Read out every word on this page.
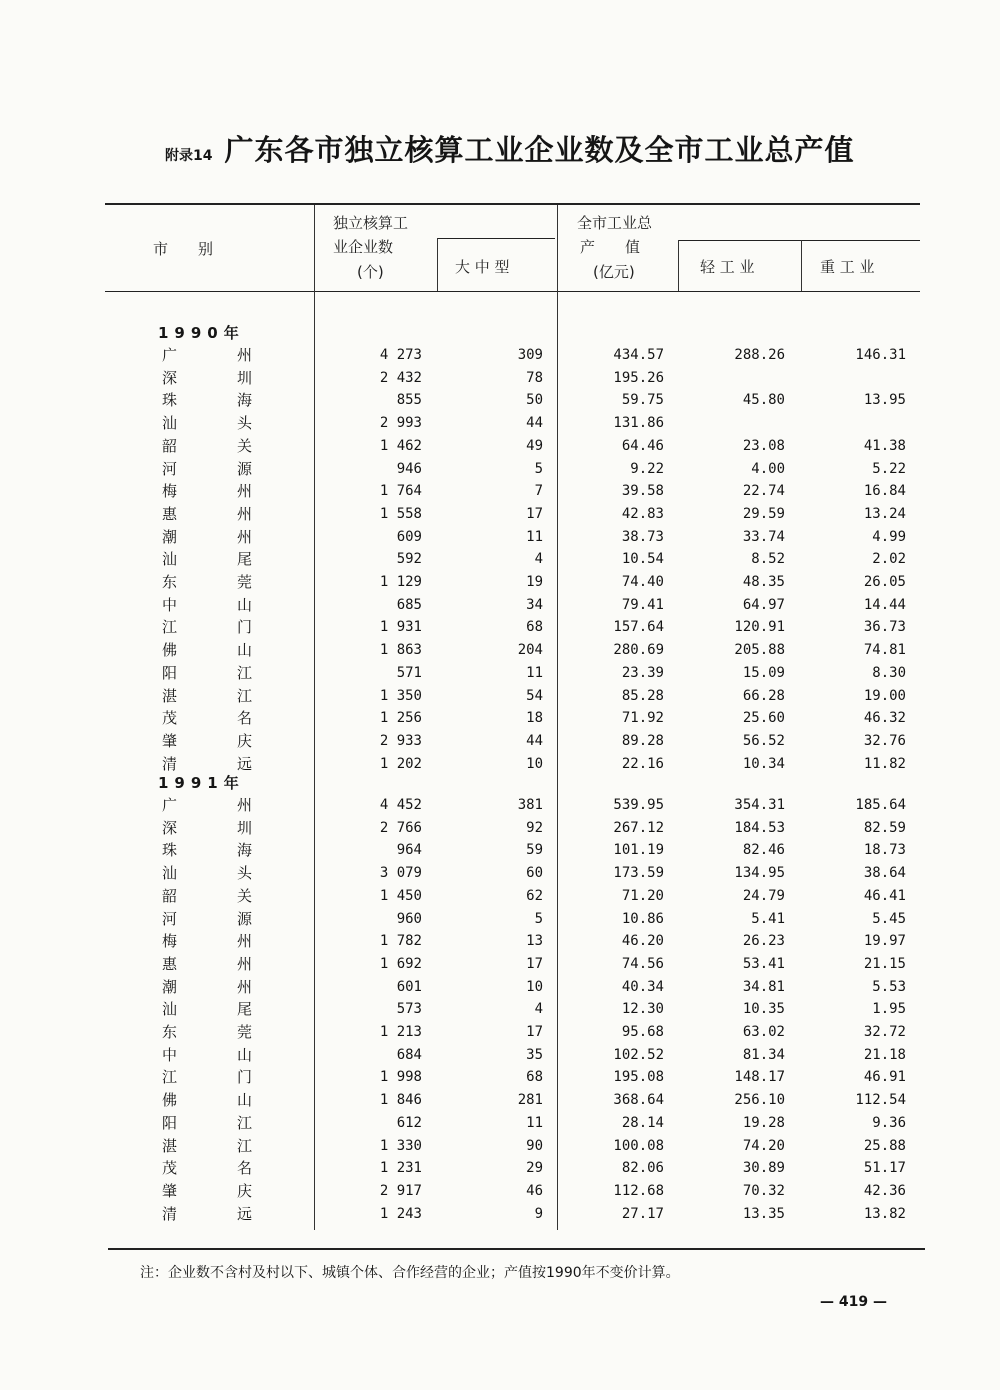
附录14 广东各市独立核算工业企业数及全市工业总产值
市　　别
独立核算工
业企业数
(个)	大 中 型
全市工业总
产　　值
(亿元)	轻 工 业	重 工 业
1990年
广	州	4 273	309	434.57	288.26	146.31
深	圳	2 432	78	195.26
珠	海	855	50	59.75	45.80	13.95
汕	头	2 993	44	131.86
韶	关	1 462	49	64.46	23.08	41.38
河	源	946	5	9.22	4.00	5.22
梅	州	1 764	7	39.58	22.74	16.84
惠	州	1 558	17	42.83	29.59	13.24
潮	州	609	11	38.73	33.74	4.99
汕	尾	592	4	10.54	8.52	2.02
东	莞	1 129	19	74.40	48.35	26.05
中	山	685	34	79.41	64.97	14.44
江	门	1 931	68	157.64	120.91	36.73
佛	山	1 863	204	280.69	205.88	74.81
阳	江	571	11	23.39	15.09	8.30
湛	江	1 350	54	85.28	66.28	19.00
茂	名	1 256	18	71.92	25.60	46.32
肇	庆	2 933	44	89.28	56.52	32.76
清	远	1 202	10	22.16	10.34	11.82
1991年
广	州	4 452	381	539.95	354.31	185.64
深	圳	2 766	92	267.12	184.53	82.59
珠	海	964	59	101.19	82.46	18.73
汕	头	3 079	60	173.59	134.95	38.64
韶	关	1 450	62	71.20	24.79	46.41
河	源	960	5	10.86	5.41	5.45
梅	州	1 782	13	46.20	26.23	19.97
惠	州	1 692	17	74.56	53.41	21.15
潮	州	601	10	40.34	34.81	5.53
汕	尾	573	4	12.30	10.35	1.95
东	莞	1 213	17	95.68	63.02	32.72
中	山	684	35	102.52	81.34	21.18
江	门	1 998	68	195.08	148.17	46.91
佛	山	1 846	281	368.64	256.10	112.54
阳	江	612	11	28.14	19.28	9.36
湛	江	1 330	90	100.08	74.20	25.88
茂	名	1 231	29	82.06	30.89	51.17
肇	庆	2 917	46	112.68	70.32	42.36
清	远	1 243	9	27.17	13.35	13.82
注：企业数不含村及村以下、城镇个体、合作经营的企业；产值按1990年不变价计算。
— 419 —
